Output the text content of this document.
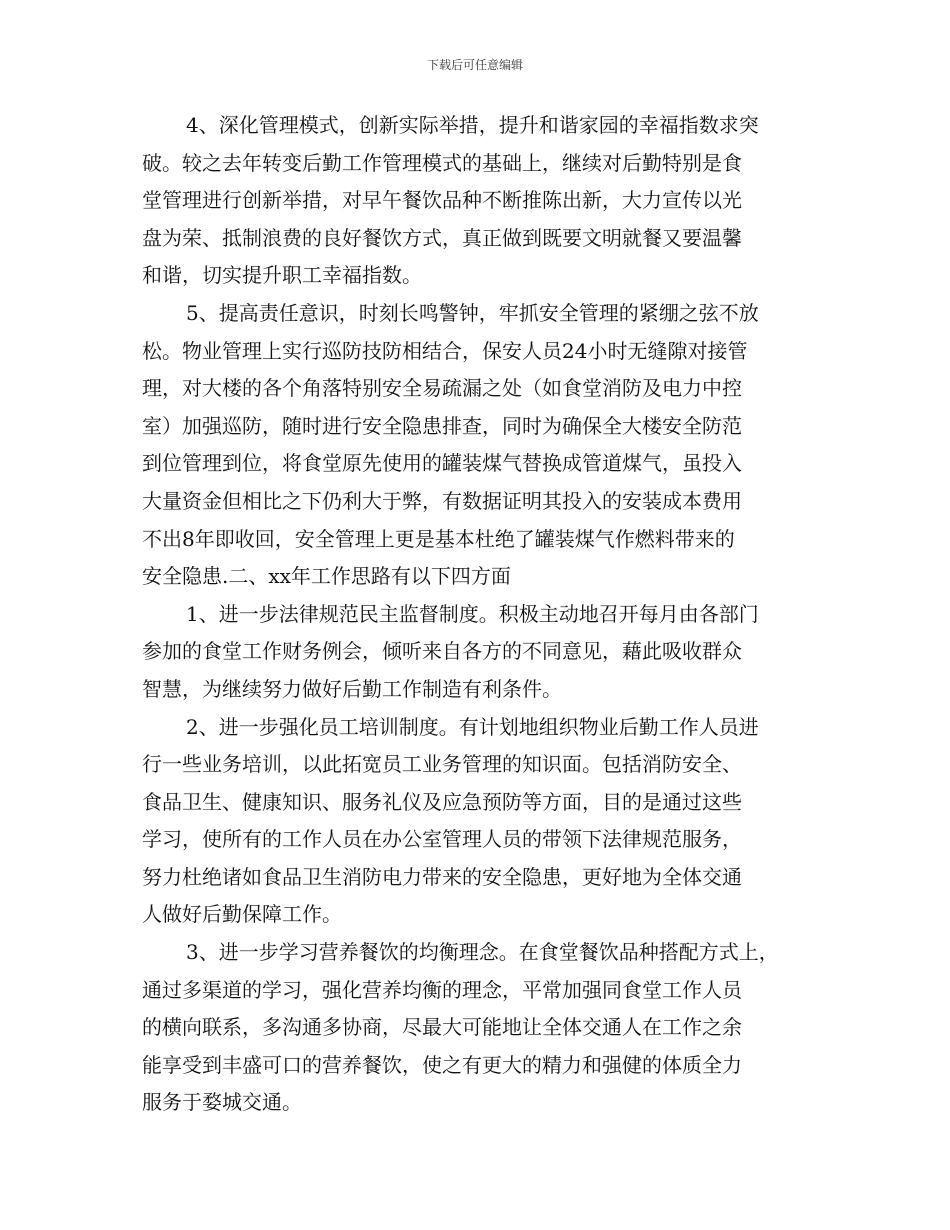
下载后可任意编辑
4、深化管理模式，创新实际举措，提升和谐家园的幸福指数求突
破。较之去年转变后勤工作管理模式的基础上，继续对后勤特别是食
堂管理进行创新举措，对早午餐饮品种不断推陈出新，大力宣传以光
盘为荣、抵制浪费的良好餐饮方式，真正做到既要文明就餐又要温馨
和谐，切实提升职工幸福指数。
5、提高责任意识，时刻长鸣警钟，牢抓安全管理的紧绷之弦不放
松。物业管理上实行巡防技防相结合，保安人员24小时无缝隙对接管
理，对大楼的各个角落特别安全易疏漏之处（如食堂消防及电力中控
室）加强巡防，随时进行安全隐患排查，同时为确保全大楼安全防范
到位管理到位，将食堂原先使用的罐装煤气替换成管道煤气，虽投入
大量资金但相比之下仍利大于弊，有数据证明其投入的安装成本费用
不出8年即收回，安全管理上更是基本杜绝了罐装煤气作燃料带来的
安全隐患.二、xx年工作思路有以下四方面
1、进一步法律规范民主监督制度。积极主动地召开每月由各部门
参加的食堂工作财务例会，倾听来自各方的不同意见，藉此吸收群众
智慧，为继续努力做好后勤工作制造有利条件。
2、进一步强化员工培训制度。有计划地组织物业后勤工作人员进
行一些业务培训，以此拓宽员工业务管理的知识面。包括消防安全、
食品卫生、健康知识、服务礼仪及应急预防等方面，目的是通过这些
学习，使所有的工作人员在办公室管理人员的带领下法律规范服务，
努力杜绝诸如食品卫生消防电力带来的安全隐患，更好地为全体交通
人做好后勤保障工作。
3、进一步学习营养餐饮的均衡理念。在食堂餐饮品种搭配方式上，
通过多渠道的学习，强化营养均衡的理念，平常加强同食堂工作人员
的横向联系，多沟通多协商，尽最大可能地让全体交通人在工作之余
能享受到丰盛可口的营养餐饮，使之有更大的精力和强健的体质全力
服务于婺城交通。
